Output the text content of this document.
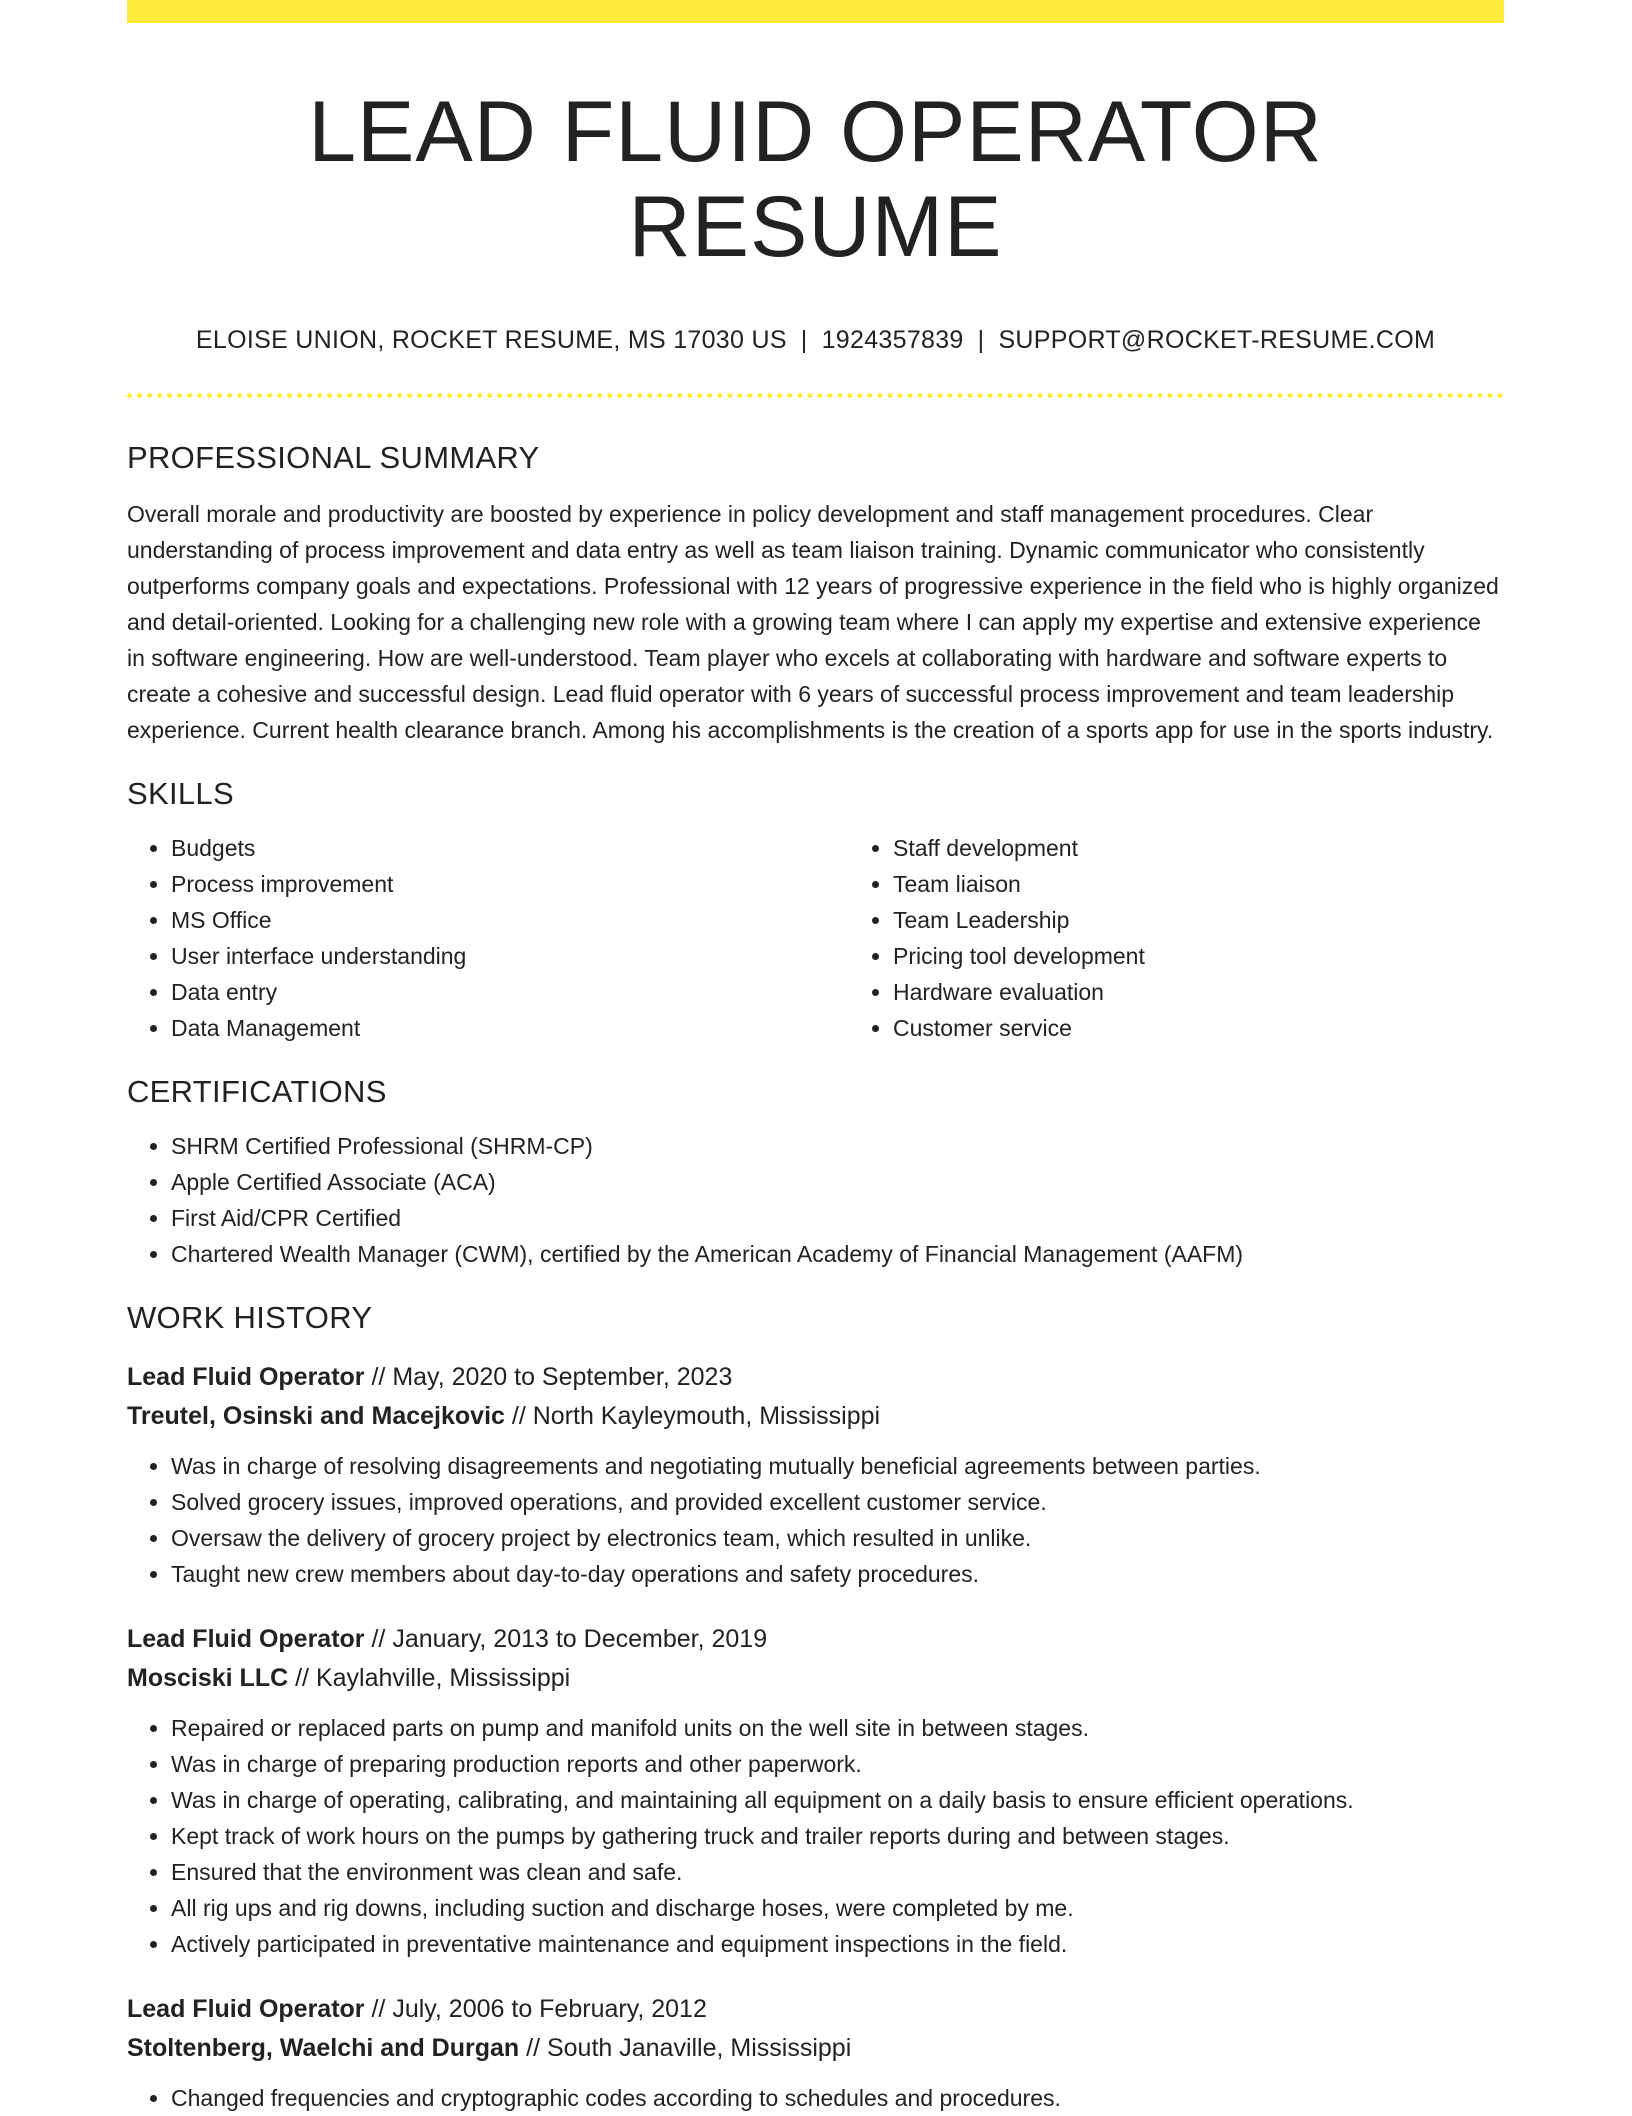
LEAD FLUID OPERATOR RESUME
ELOISE UNION, ROCKET RESUME, MS 17030 US | 1924357839 | SUPPORT@ROCKET-RESUME.COM
PROFESSIONAL SUMMARY
Overall morale and productivity are boosted by experience in policy development and staff management procedures. Clear understanding of process improvement and data entry as well as team liaison training. Dynamic communicator who consistently outperforms company goals and expectations. Professional with 12 years of progressive experience in the field who is highly organized and detail-oriented. Looking for a challenging new role with a growing team where I can apply my expertise and extensive experience in software engineering. How are well-understood. Team player who excels at collaborating with hardware and software experts to create a cohesive and successful design. Lead fluid operator with 6 years of successful process improvement and team leadership experience. Current health clearance branch. Among his accomplishments is the creation of a sports app for use in the sports industry.
SKILLS
• Budgets
• Process improvement
• MS Office
• User interface understanding
• Data entry
• Data Management
• Staff development
• Team liaison
• Team Leadership
• Pricing tool development
• Hardware evaluation
• Customer service
CERTIFICATIONS
• SHRM Certified Professional (SHRM-CP)
• Apple Certified Associate (ACA)
• First Aid/CPR Certified
• Chartered Wealth Manager (CWM), certified by the American Academy of Financial Management (AAFM)
WORK HISTORY
Lead Fluid Operator // May, 2020 to September, 2023
Treutel, Osinski and Macejkovic // North Kayleymouth, Mississippi
• Was in charge of resolving disagreements and negotiating mutually beneficial agreements between parties.
• Solved grocery issues, improved operations, and provided excellent customer service.
• Oversaw the delivery of grocery project by electronics team, which resulted in unlike.
• Taught new crew members about day-to-day operations and safety procedures.
Lead Fluid Operator // January, 2013 to December, 2019
Mosciski LLC // Kaylahville, Mississippi
• Repaired or replaced parts on pump and manifold units on the well site in between stages.
• Was in charge of preparing production reports and other paperwork.
• Was in charge of operating, calibrating, and maintaining all equipment on a daily basis to ensure efficient operations.
• Kept track of work hours on the pumps by gathering truck and trailer reports during and between stages.
• Ensured that the environment was clean and safe.
• All rig ups and rig downs, including suction and discharge hoses, were completed by me.
• Actively participated in preventative maintenance and equipment inspections in the field.
Lead Fluid Operator // July, 2006 to February, 2012
Stoltenberg, Waelchi and Durgan // South Janaville, Mississippi
• Changed frequencies and cryptographic codes according to schedules and procedures.
